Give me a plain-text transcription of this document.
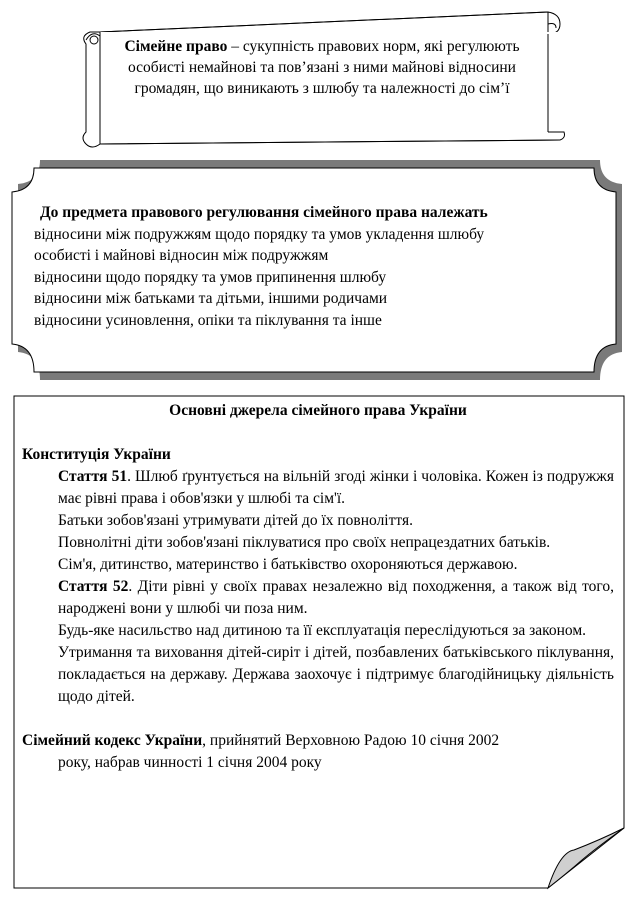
Сімейне право – сукупність правових норм, які регулюють особисті немайнові та пов’язані з ними майнові відносини громадян, що виникають з шлюбу та належності до сім’ї
До предмета правового регулювання сімейного права належать
відносини між подружжям щодо порядку та умов укладення шлюбу
особисті і майнові відносин між подружжям
відносини щодо порядку та умов припинення шлюбу
відносини між батьками та дітьми, іншими родичами
відносини усиновлення, опіки та піклування та інше
Основні джерела сімейного права України
Конституція України
Стаття 51. Шлюб ґрунтується на вільній згоді жінки і чоловіка. Кожен із подружжя має рівні права і обов'язки у шлюбі та сім'ї.
Батьки зобов'язані утримувати дітей до їх повноліття.
Повнолітні діти зобов'язані піклуватися про своїх непрацездатних батьків.
Сім'я, дитинство, материнство і батьківство охороняються державою.
Стаття 52. Діти рівні у своїх правах незалежно від походження, а також від того, народжені вони у шлюбі чи поза ним.
Будь-яке насильство над дитиною та її експлуатація переслідуються за законом.
Утримання та виховання дітей-сиріт і дітей, позбавлених батьківського піклування, покладається на державу. Держава заохочує і підтримує благодійницьку діяльність щодо дітей.
Сімейний кодекс України, прийнятий Верховною Радою 10 січня 2002
року, набрав чинності 1 січня 2004 року
